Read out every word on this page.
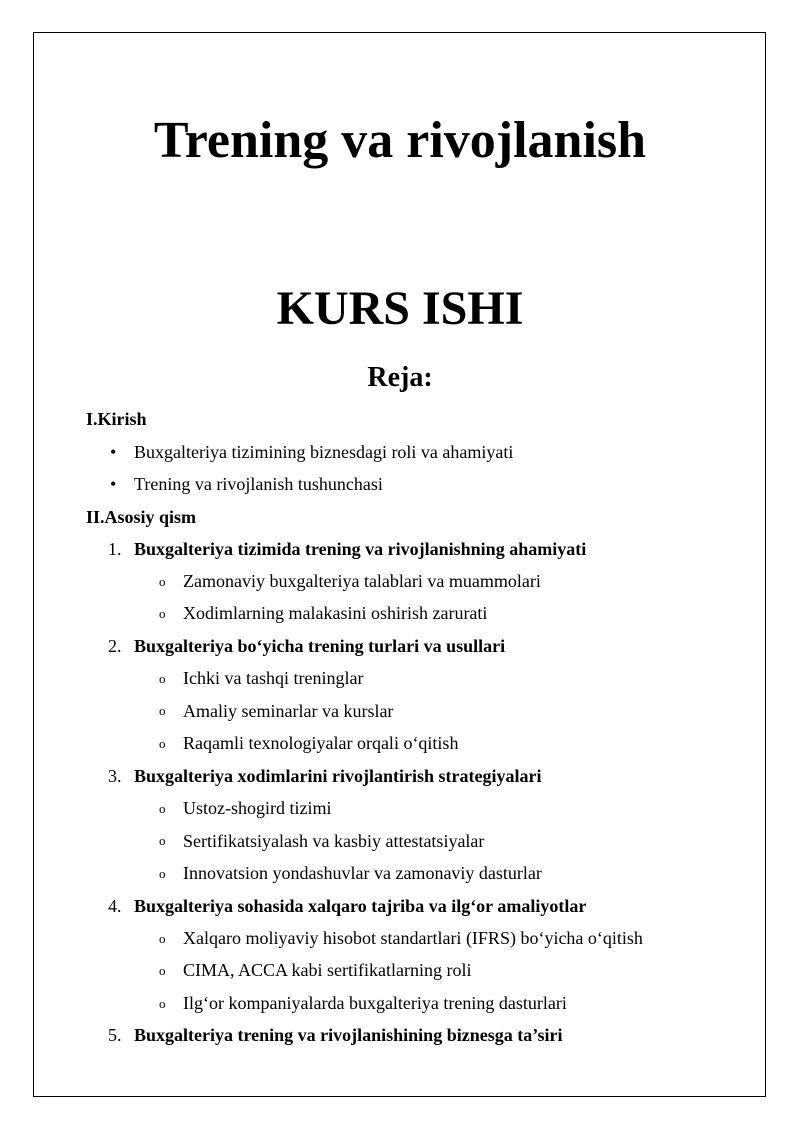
Trening va rivojlanish
KURS ISHI
Reja:
I.Kirish
• Buxgalteriya tizimining biznesdagi roli va ahamiyati
• Trening va rivojlanish tushunchasi
II.Asosiy qism
1. Buxgalteriya tizimida trening va rivojlanishning ahamiyati
o Zamonaviy buxgalteriya talablari va muammolari
o Xodimlarning malakasini oshirish zarurati
2. Buxgalteriya bo‘yicha trening turlari va usullari
o Ichki va tashqi treninglar
o Amaliy seminarlar va kurslar
o Raqamli texnologiyalar orqali o‘qitish
3. Buxgalteriya xodimlarini rivojlantirish strategiyalari
o Ustoz-shogird tizimi
o Sertifikatsiyalash va kasbiy attestatsiyalar
o Innovatsion yondashuvlar va zamonaviy dasturlar
4. Buxgalteriya sohasida xalqaro tajriba va ilg‘or amaliyotlar
o Xalqaro moliyaviy hisobot standartlari (IFRS) bo‘yicha o‘qitish
o CIMA, ACCA kabi sertifikatlarning roli
o Ilg‘or kompaniyalarda buxgalteriya trening dasturlari
5. Buxgalteriya trening va rivojlanishining biznesga ta’siri
